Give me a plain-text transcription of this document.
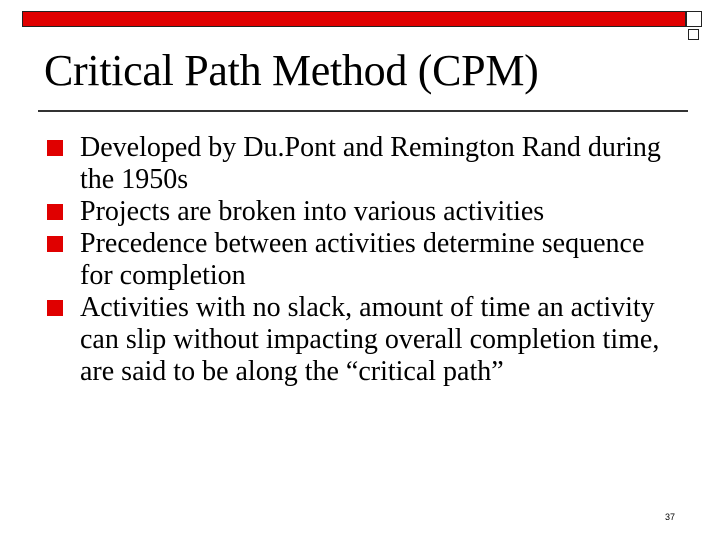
Critical Path Method (CPM)
Developed by Du.Pont and Remington Rand during the 1950s
Projects are broken into various activities
Precedence between activities determine sequence for completion
Activities with no slack, amount of time an activity can slip without impacting overall completion time, are said to be along the “critical path”
37
